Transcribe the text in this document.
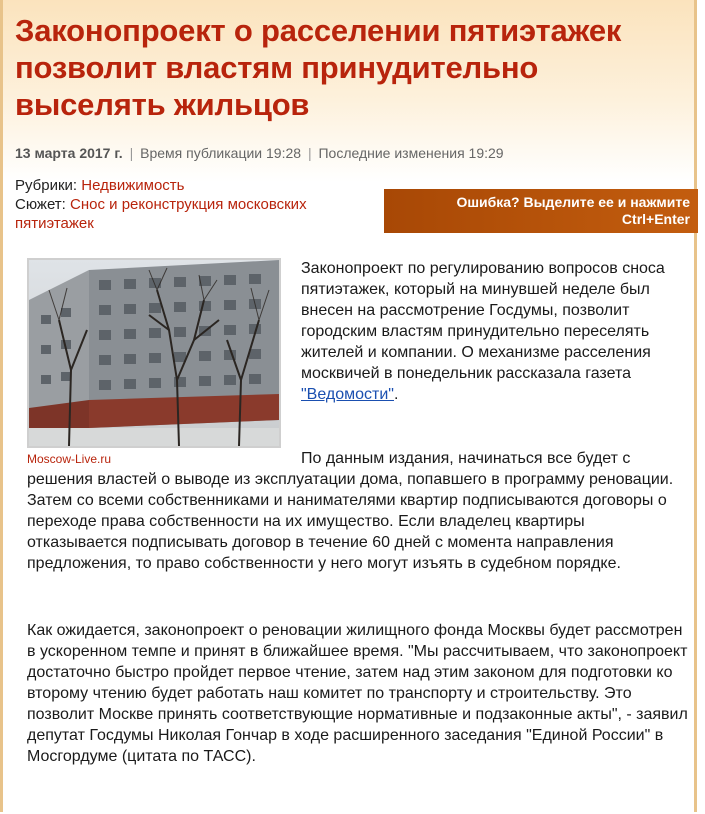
Законопроект о расселении пятиэтажек позволит властям принудительно выселять жильцов
13 марта 2017 г. | Время публикации 19:28 | Последние изменения 19:29
Рубрики: Недвижимость
Сюжет: Снос и реконструкция московских пятиэтажек
Ошибка? Выделите ее и нажмите
Ctrl+Enter
Moscow-Live.ru

Законопроект по регулированию вопросов сноса пятиэтажек, который на минувшей неделе был внесен на рассмотрение Госдумы, позволит городским властям принудительно переселять жителей и компании. О механизме расселения москвичей в понедельник рассказала газета "Ведомости".

По данным издания, начинаться все будет с решения властей о выводе из эксплуатации дома, попавшего в программу реновации. Затем со всеми собственниками и нанимателями квартир подписываются договоры о переходе права собственности на их имущество. Если владелец квартиры отказывается подписывать договор в течение 60 дней с момента направления предложения, то право собственности у него могут изъять в судебном порядке.

Как ожидается, законопроект о реновации жилищного фонда Москвы будет рассмотрен в ускоренном темпе и принят в ближайшее время. "Мы рассчитываем, что законопроект достаточно быстро пройдет первое чтение, затем над этим законом для подготовки ко второму чтению будет работать наш комитет по транспорту и строительству. Это позволит Москве принять соответствующие нормативные и подзаконные акты", - заявил депутат Госдумы Николая Гончар в ходе расширенного заседания "Единой России" в Мосгордуме (цитата по ТАСС).
